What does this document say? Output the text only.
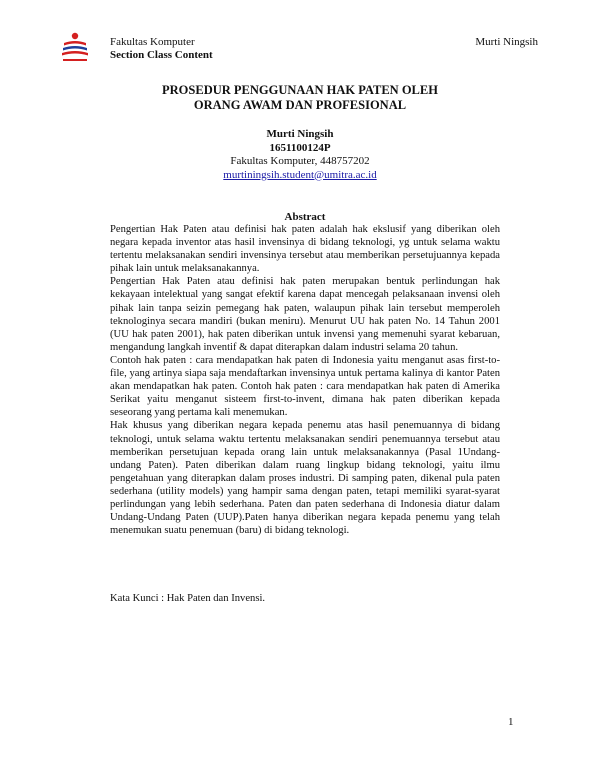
Fakultas Komputer
Section Class Content
Murti Ningsih
PROSEDUR PENGGUNAAN HAK PATEN OLEH
ORANG AWAM DAN PROFESIONAL
Murti Ningsih
1651100124P
Fakultas Komputer, 448757202
murtiningsih.student@umitra.ac.id
Abstract

Pengertian Hak Paten atau definisi hak paten adalah hak ekslusif yang diberikan oleh negara kepada inventor atas hasil invensinya di bidang teknologi, yg untuk selama waktu tertentu melaksanakan sendiri invensinya tersebut atau memberikan persetujuannya kepada pihak lain untuk melaksanakannya.

Pengertian Hak Paten atau definisi hak paten merupakan bentuk perlindungan hak kekayaan intelektual yang sangat efektif karena dapat mencegah pelaksanaan invensi oleh pihak lain tanpa seizin pemegang hak paten, walaupun pihak lain tersebut memperoleh teknologinya secara mandiri (bukan meniru). Menurut UU hak paten No. 14 Tahun 2001 (UU hak paten 2001), hak paten diberikan untuk invensi yang memenuhi syarat kebaruan, mengandung langkah inventif & dapat diterapkan dalam industri selama 20 tahun.

Contoh hak paten : cara mendapatkan hak paten di Indonesia yaitu menganut asas first-to-file, yang artinya siapa saja mendaftarkan invensinya untuk pertama kalinya di kantor Paten akan mendapatkan hak paten. Contoh hak paten : cara mendapatkan hak paten di Amerika Serikat yaitu menganut sisteem first-to-invent, dimana hak paten diberikan kepada seseorang yang pertama kali menemukan.

Hak khusus yang diberikan negara kepada penemu atas hasil penemuannya di bidang teknologi, untuk selama waktu tertentu melaksanakan sendiri penemuannya tersebut atau memberikan persetujuan kepada orang lain untuk melaksanakannya (Pasal 1Undang-undang Paten). Paten diberikan dalam ruang lingkup bidang teknologi, yaitu ilmu pengetahuan yang diterapkan dalam proses industri. Di samping paten, dikenal pula paten sederhana (utility models) yang hampir sama dengan paten, tetapi memiliki syarat-syarat perlindungan yang lebih sederhana. Paten dan paten sederhana di Indonesia diatur dalam Undang-Undang Paten (UUP).Paten hanya diberikan negara kepada penemu yang telah menemukan suatu penemuan (baru) di bidang teknologi.

Kata Kunci : Hak Paten dan Invensi.
1
